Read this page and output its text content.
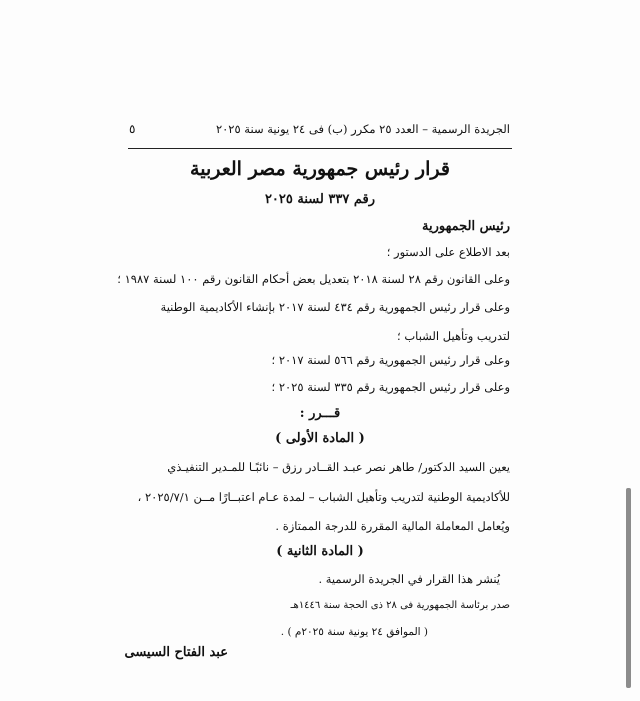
الجريدة الرسمية – العدد ٢٥ مكرر (ب) فى ٢٤ يونية سنة ٢٠٢٥
٥
قرار رئيس جمهورية مصر العربية
رقم ٣٣٧ لسنة ٢٠٢٥
رئيس الجمهورية
بعد الاطلاع على الدستور ؛
وعلى القانون رقم ٢٨ لسنة ٢٠١٨ بتعديل بعض أحكام القانون رقم ١٠٠ لسنة ١٩٨٧ ؛
وعلى قرار رئيس الجمهورية رقم ٤٣٤ لسنة ٢٠١٧ بإنشاء الأكاديمية الوطنية
لتدريب وتأهيل الشباب ؛
وعلى قرار رئيس الجمهورية رقم ٥٦٦ لسنة ٢٠١٧ ؛
وعلى قرار رئيس الجمهورية رقم ٣٣٥ لسنة ٢٠٢٥ ؛
قـــرر :
( المادة الأولى )
يعين السيد الدكتور/ طاهر نصر عبـد القــادر رزق – نائبًـا للمـدير التنفيـذي
للأكاديمية الوطنية لتدريب وتأهيل الشباب – لمدة عـام اعتبــارًا مــن ٢٠٢٥/٧/١ ،
ويُعامل المعاملة المالية المقررة للدرجة الممتازة .
( المادة الثانية )
يُنشر هذا القرار في الجريدة الرسمية .
صدر برئاسة الجمهورية فى ٢٨ ذى الحجة سنة ١٤٤٦هـ
( الموافق ٢٤ يونية سنة ٢٠٢٥م ) .
عبد الفتاح السيسى
